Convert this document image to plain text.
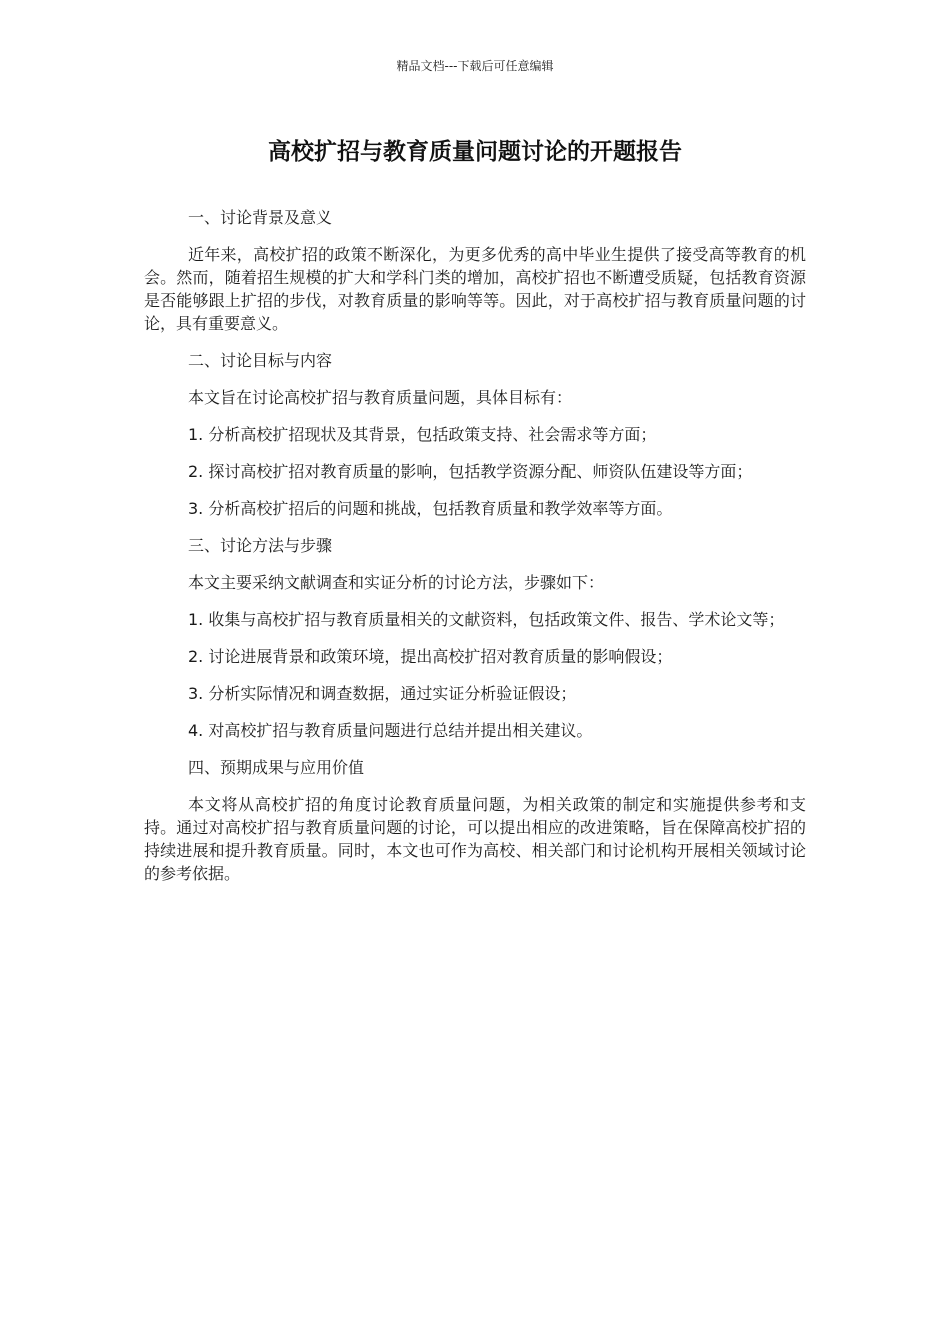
精品文档---下载后可任意编辑
高校扩招与教育质量问题讨论的开题报告

一、讨论背景及意义

近年来，高校扩招的政策不断深化，为更多优秀的高中毕业生提供了接受高等教育的机会。然而，随着招生规模的扩大和学科门类的增加，高校扩招也不断遭受质疑，包括教育资源是否能够跟上扩招的步伐，对教育质量的影响等等。因此，对于高校扩招与教育质量问题的讨论，具有重要意义。

二、讨论目标与内容

本文旨在讨论高校扩招与教育质量问题，具体目标有：

1. 分析高校扩招现状及其背景，包括政策支持、社会需求等方面；

2. 探讨高校扩招对教育质量的影响，包括教学资源分配、师资队伍建设等方面；

3. 分析高校扩招后的问题和挑战，包括教育质量和教学效率等方面。

三、讨论方法与步骤

本文主要采纳文献调查和实证分析的讨论方法，步骤如下：

1. 收集与高校扩招与教育质量相关的文献资料，包括政策文件、报告、学术论文等；

2. 讨论进展背景和政策环境，提出高校扩招对教育质量的影响假设；

3. 分析实际情况和调查数据，通过实证分析验证假设；

4. 对高校扩招与教育质量问题进行总结并提出相关建议。

四、预期成果与应用价值

本文将从高校扩招的角度讨论教育质量问题，为相关政策的制定和实施提供参考和支持。通过对高校扩招与教育质量问题的讨论，可以提出相应的改进策略，旨在保障高校扩招的持续进展和提升教育质量。同时，本文也可作为高校、相关部门和讨论机构开展相关领域讨论的参考依据。
